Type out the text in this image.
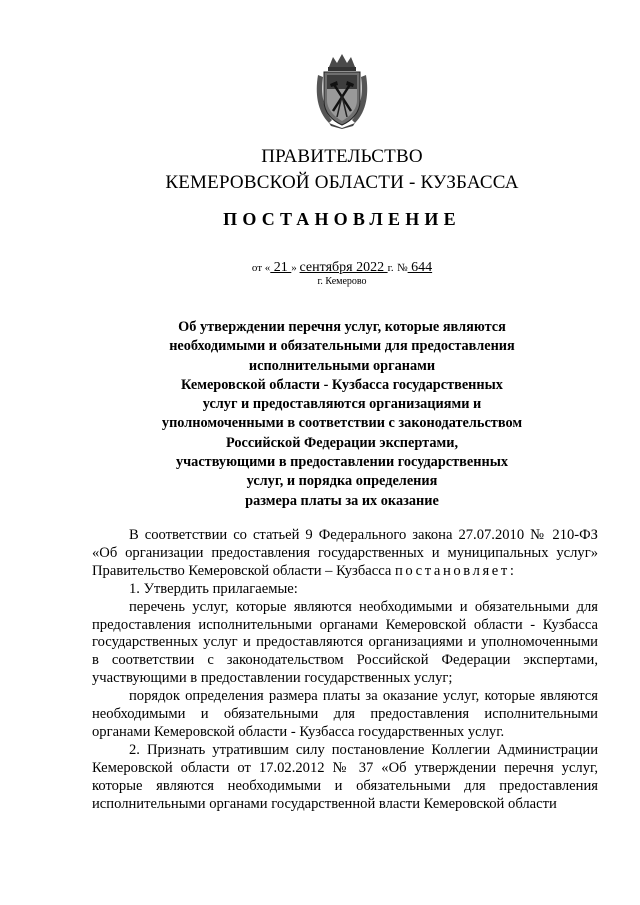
ПРАВИТЕЛЬСТВО
КЕМЕРОВСКОЙ ОБЛАСТИ - КУЗБАССА
ПОСТАНОВЛЕНИЕ
от « 21 » сентября 2022 г. № 644
г. Кемерово
Об утверждении перечня услуг, которые являются
необходимыми и обязательными для предоставления
исполнительными органами
Кемеровской области - Кузбасса государственных
услуг и предоставляются организациями и
уполномоченными в соответствии с законодательством
Российской Федерации экспертами,
участвующими в предоставлении государственных
услуг, и порядка определения
размера платы за их оказание

В соответствии со статьей 9 Федерального закона 27.07.2010 № 210-ФЗ «Об организации предоставления государственных и муниципальных услуг» Правительство Кемеровской области – Кузбасса постановляет:

1. Утвердить прилагаемые:

перечень услуг, которые являются необходимыми и обязательными для предоставления исполнительными органами Кемеровской области - Кузбасса государственных услуг и предоставляются организациями и уполномоченными в соответствии с законодательством Российской Федерации экспертами, участвующими в предоставлении государственных услуг;

порядок определения размера платы за оказание услуг, которые являются необходимыми и обязательными для предоставления исполнительными органами Кемеровской области - Кузбасса государственных услуг.

2. Признать утратившим силу постановление Коллегии Администрации Кемеровской области от 17.02.2012 № 37 «Об утверждении перечня услуг, которые являются необходимыми и обязательными для предоставления исполнительными органами государственной власти Кемеровской области
